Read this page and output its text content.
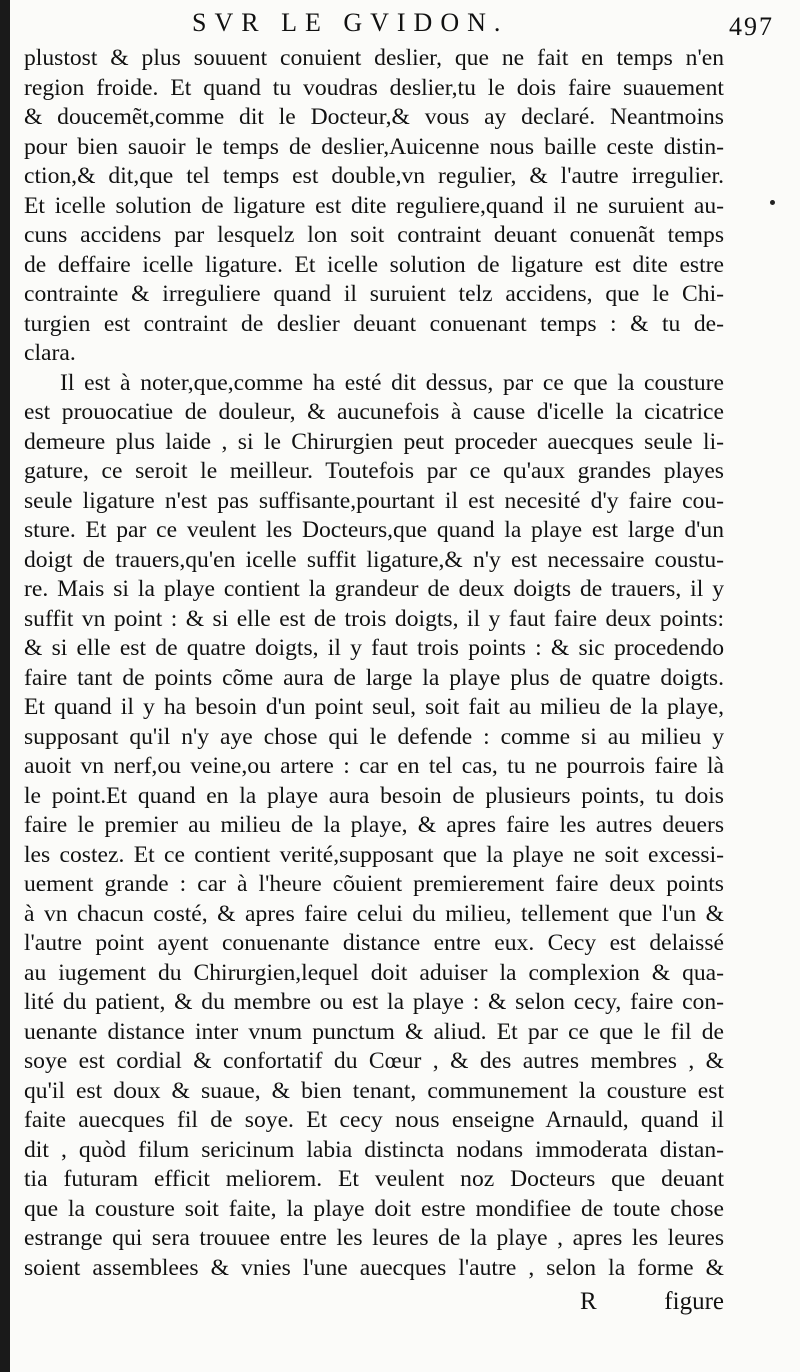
SVR LE GVIDON.	497
plustost & plus souuent conuient deslier, que ne fait en temps n'en
region froide. Et quand tu voudras deslier,tu le dois faire suauement
& doucemẽt,comme dit le Docteur,& vous ay declaré. Neantmoins
pour bien sauoir le temps de deslier,Auicenne nous baille ceste distin-
ction,& dit,que tel temps est double,vn regulier, & l'autre irregulier.
Et icelle solution de ligature est dite reguliere,quand il ne suruient au-
cuns accidens par lesquelz lon soit contraint deuant conuenãt temps
de deffaire icelle ligature. Et icelle solution de ligature est dite estre
contrainte & irreguliere quand il suruient telz accidens, que le Chi-
turgien est contraint de deslier deuant conuenant temps : & tu de-
clara.
Il est à noter,que,comme ha esté dit dessus, par ce que la cousture
est prouocatiue de douleur, & aucunefois à cause d'icelle la cicatrice
demeure plus laide , si le Chirurgien peut proceder auecques seule li-
gature, ce seroit le meilleur. Toutefois par ce qu'aux grandes playes
seule ligature n'est pas suffisante,pourtant il est necesité d'y faire cou-
sture. Et par ce veulent les Docteurs,que quand la playe est large d'un
doigt de trauers,qu'en icelle suffit ligature,& n'y est necessaire coustu-
re. Mais si la playe contient la grandeur de deux doigts de trauers, il y
suffit vn point : & si elle est de trois doigts, il y faut faire deux points:
& si elle est de quatre doigts, il y faut trois points : & sic procedendo
faire tant de points cõme aura de large la playe plus de quatre doigts.
Et quand il y ha besoin d'un point seul, soit fait au milieu de la playe,
supposant qu'il n'y aye chose qui le defende : comme si au milieu y
auoit vn nerf,ou veine,ou artere : car en tel cas, tu ne pourrois faire là
le point.Et quand en la playe aura besoin de plusieurs points, tu dois
faire le premier au milieu de la playe, & apres faire les autres deuers
les costez. Et ce contient verité,supposant que la playe ne soit excessi-
uement grande : car à l'heure cõuient premierement faire deux points
à vn chacun costé, & apres faire celui du milieu, tellement que l'un &
l'autre point ayent conuenante distance entre eux. Cecy est delaissé
au iugement du Chirurgien,lequel doit aduiser la complexion & qua-
lité du patient, & du membre ou est la playe : & selon cecy, faire con-
uenante distance inter vnum punctum & aliud. Et par ce que le fil de
soye est cordial & confortatif du Cœur , & des autres membres , &
qu'il est doux & suaue, & bien tenant, communement la cousture est
faite auecques fil de soye. Et cecy nous enseigne Arnauld, quand il
dit , quòd filum sericinum labia distincta nodans immoderata distan-
tia futuram efficit meliorem. Et veulent noz Docteurs que deuant
que la cousture soit faite, la playe doit estre mondifiee de toute chose
estrange qui sera trouuee entre les leures de la playe , apres les leures
soient assemblees & vnies l'une auecques l'autre , selon la forme &
R	figure
